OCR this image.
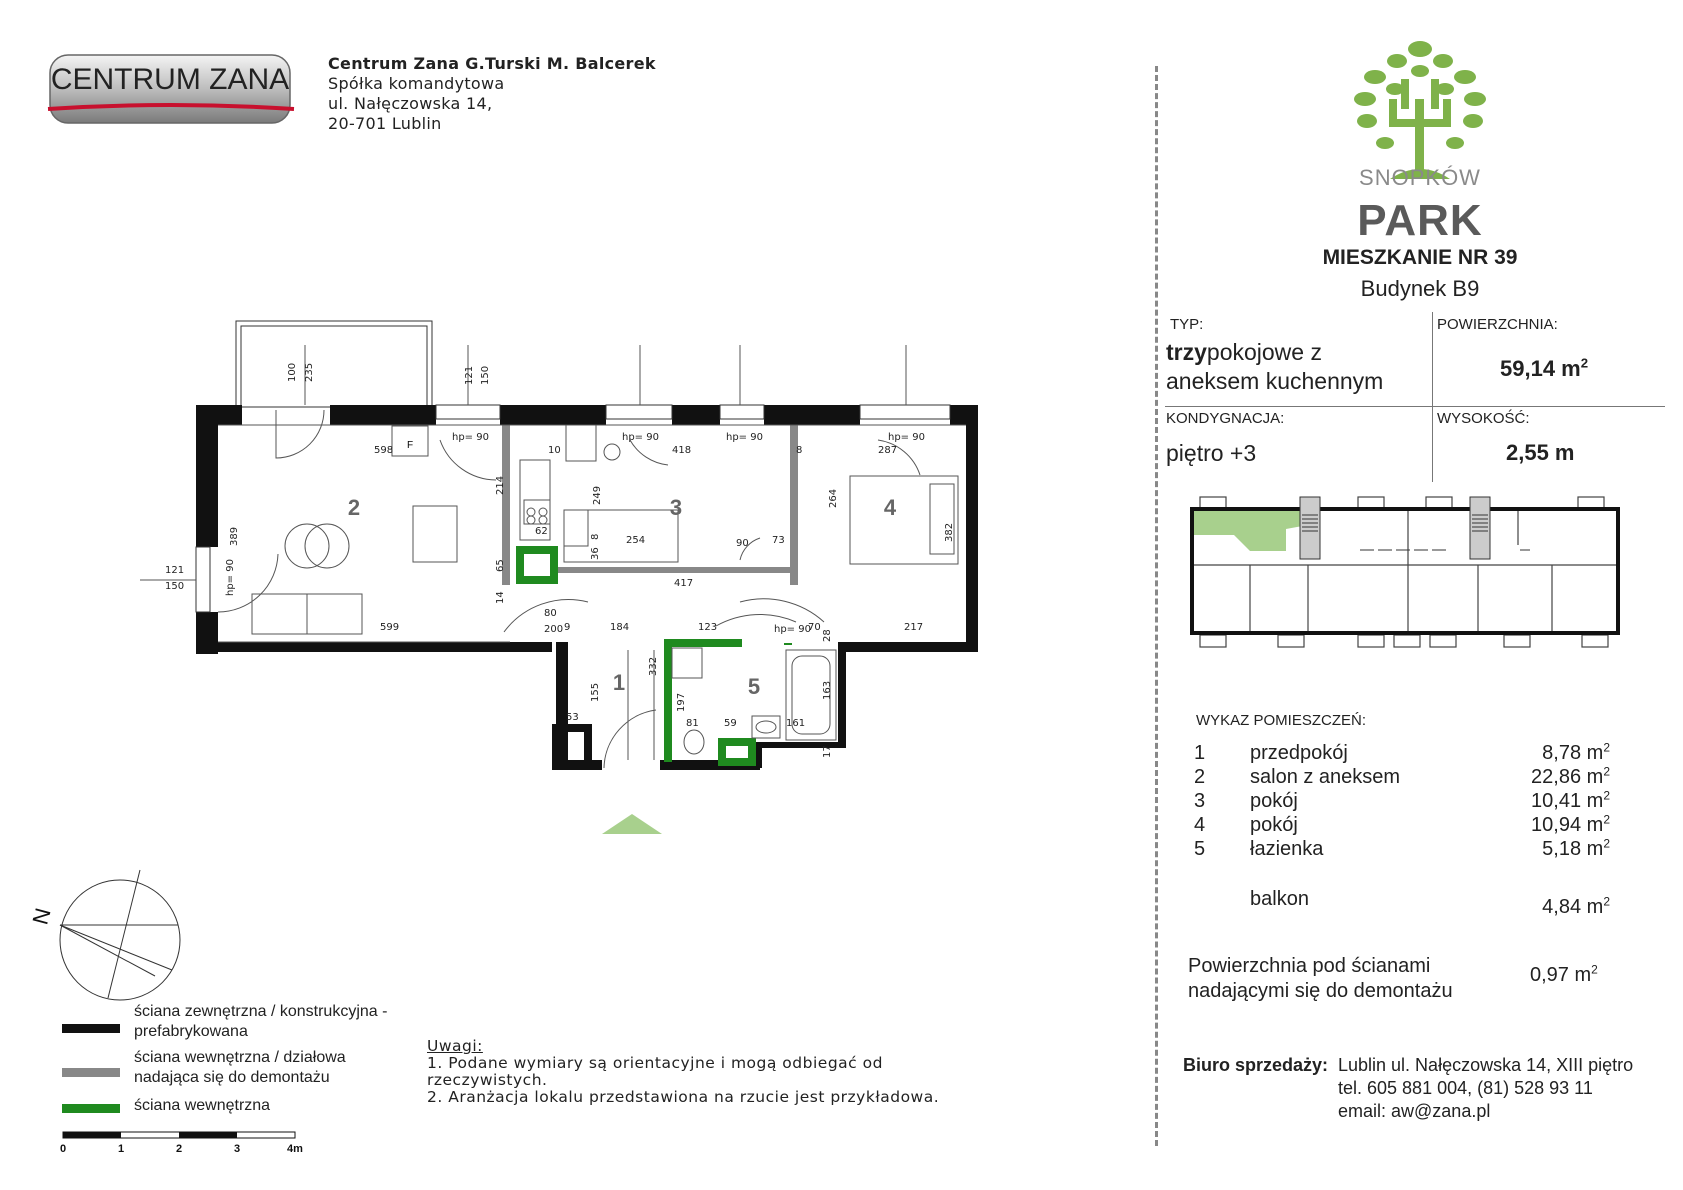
CENTRUM ZANA Centrum Zana G.Turski M. Balcerek
Spółka komandytowa
ul. Nałęczowska 14,
20-701 Lublin
SNOPKÓW
PARK
MIESZKANIE NR 39
Budynek B9
TYP:
trzypokojowe z
aneksem kuchennym
POWIERZCHNIA:
59,14 $m^2$
KONDYGNACJA:
piętro +3
WYSOKOŚĆ:
2,55 m
WYKAZ POMIESZCZEŃ:
1 przedpokój	8,78 $m^2$
2 salon z aneksem	22,86 $m^2$
3 pokój	10,41 $m^2$
4 pokój	10,94 $m^2$
5 łazienka	5,18 $m^2$
balkon	4,84 $m^2$
Powierzchnia pod ścianami
nadającymi się do demontażu
0,97 $m^2$
Biuro sprzedaży: Lublin ul. Nałęczowska 14, XIII piętro
tel. 605 881 004, (81) 528 93 11
email: aw@zana.pl
2	3	4
1	5
F
598	10	418	8	287
214
249	264
389	382
62
254	73
417
599	184	123	217
90
80
200
36
8
65
14
9
155
332
53
197
81	59	161
163
17
70
28
121
121
150
150
100 235
hp= 90	hp= 90	hp= 90	hp= 90
hp= 90
hp= 90
N
ściana zewnętrzna / konstrukcyjna -
prefabrykowana
ściana wewnętrzna / działowa
nadająca się do demontażu
ściana wewnętrzna
0	1	2	3	4m
Uwagi:
1. Podane wymiary są orientacyjne i mogą odbiegać od
rzeczywistych.
2. Aranżacja lokalu przedstawiona na rzucie jest przykładowa.
